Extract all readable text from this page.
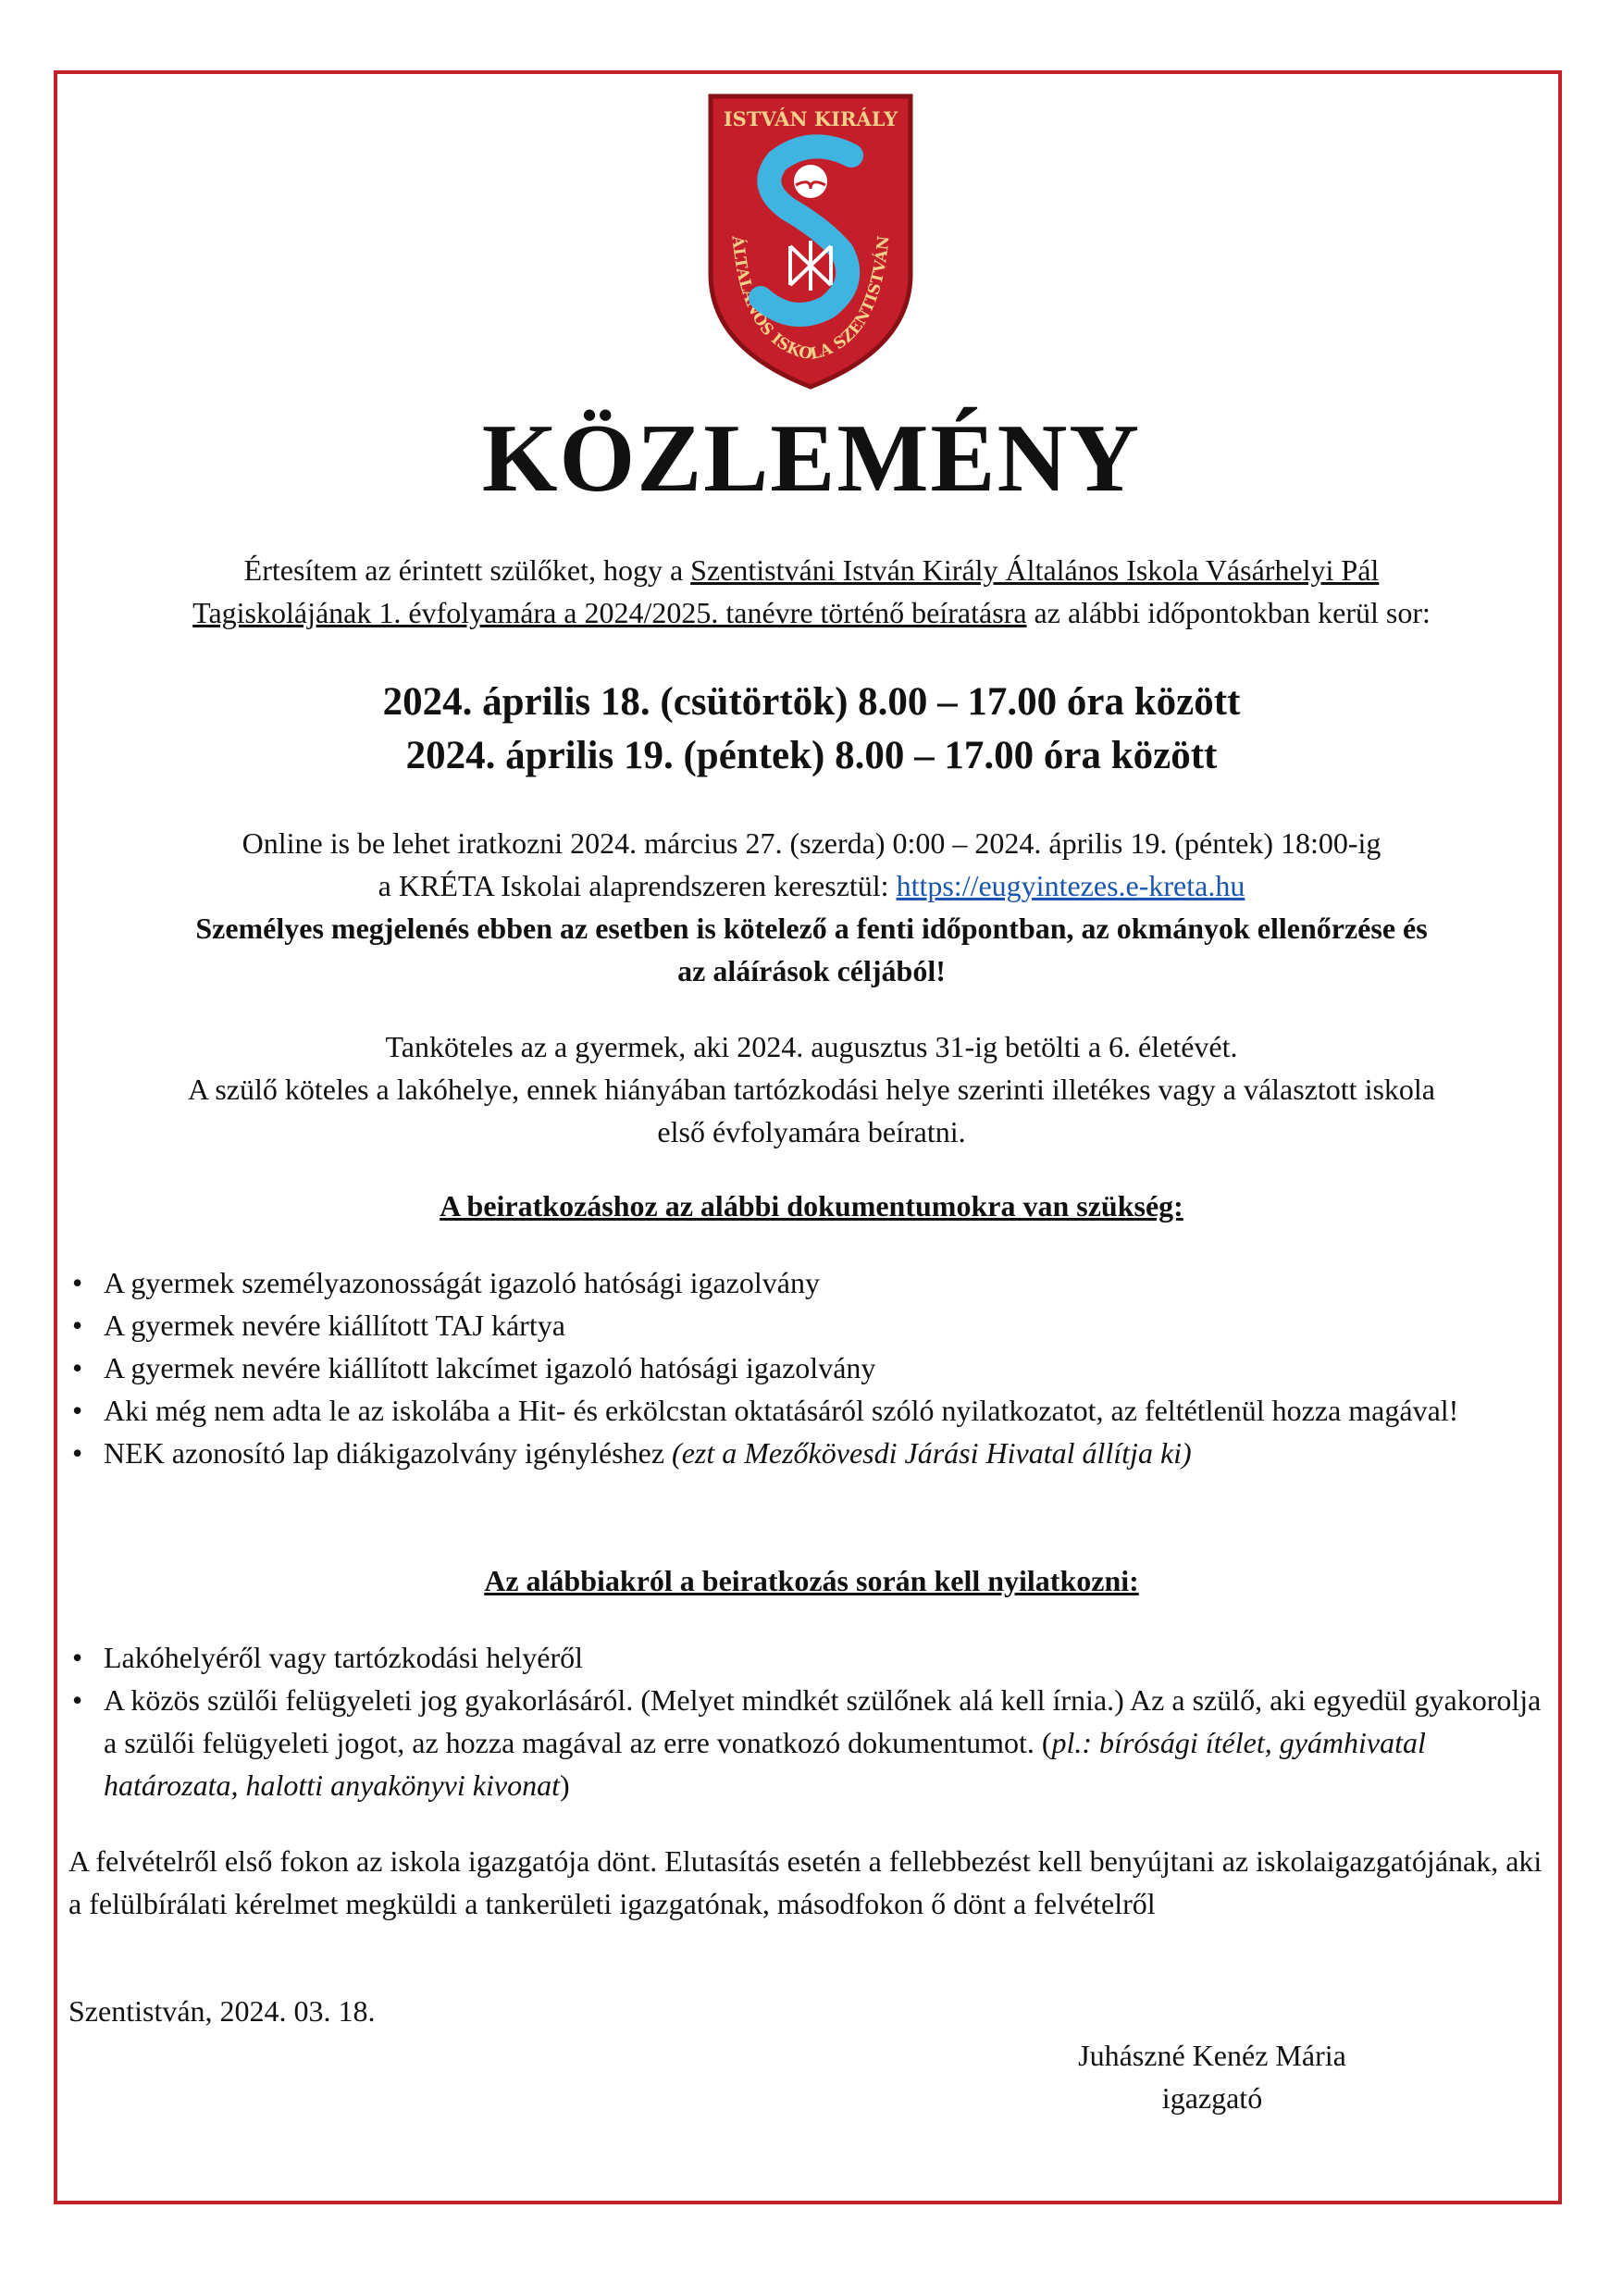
ISTVÁN KIRÁLY
ÁLTALÁNOS ISKOLA SZENTISTVÁN
KÖZLEMÉNY
Értesítem az érintett szülőket, hogy a Szentistváni István Király Általános Iskola Vásárhelyi Pál
Tagiskolájának 1. évfolyamára a 2024/2025. tanévre történő beíratásra az alábbi időpontokban kerül sor:
2024. április 18. (csütörtök) 8.00 – 17.00 óra között
2024. április 19. (péntek) 8.00 – 17.00 óra között
Online is be lehet iratkozni 2024. március 27. (szerda) 0:00 – 2024. április 19. (péntek) 18:00-ig
a KRÉTA Iskolai alaprendszeren keresztül: https://eugyintezes.e-kreta.hu
Személyes megjelenés ebben az esetben is kötelező a fenti időpontban, az okmányok ellenőrzése és
az aláírások céljából!
Tanköteles az a gyermek, aki 2024. augusztus 31-ig betölti a 6. életévét.
A szülő köteles a lakóhelye, ennek hiányában tartózkodási helye szerinti illetékes vagy a választott iskola
első évfolyamára beíratni.
A beiratkozáshoz az alábbi dokumentumokra van szükség:
• A gyermek személyazonosságát igazoló hatósági igazolvány
• A gyermek nevére kiállított TAJ kártya
• A gyermek nevére kiállított lakcímet igazoló hatósági igazolvány
• Aki még nem adta le az iskolába a Hit- és erkölcstan oktatásáról szóló nyilatkozatot, az feltétlenül hozza magával!
• NEK azonosító lap diákigazolvány igényléshez (ezt a Mezőkövesdi Járási Hivatal állítja ki)
Az alábbiakról a beiratkozás során kell nyilatkozni:
• Lakóhelyéről vagy tartózkodási helyéről
• A közös szülői felügyeleti jog gyakorlásáról. (Melyet mindkét szülőnek alá kell írnia.) Az a szülő, aki egyedül gyakorolja a szülői felügyeleti jogot, az hozza magával az erre vonatkozó dokumentumot. (pl.: bírósági ítélet, gyámhivatal határozata, halotti anyakönyvi kivonat)
A felvételről első fokon az iskola igazgatója dönt. Elutasítás esetén a fellebbezést kell benyújtani az iskolaigazgatójának, aki a felülbírálati kérelmet megküldi a tankerületi igazgatónak, másodfokon ő dönt a felvételről
Szentistván, 2024. 03. 18.
Juhászné Kenéz Mária
igazgató
